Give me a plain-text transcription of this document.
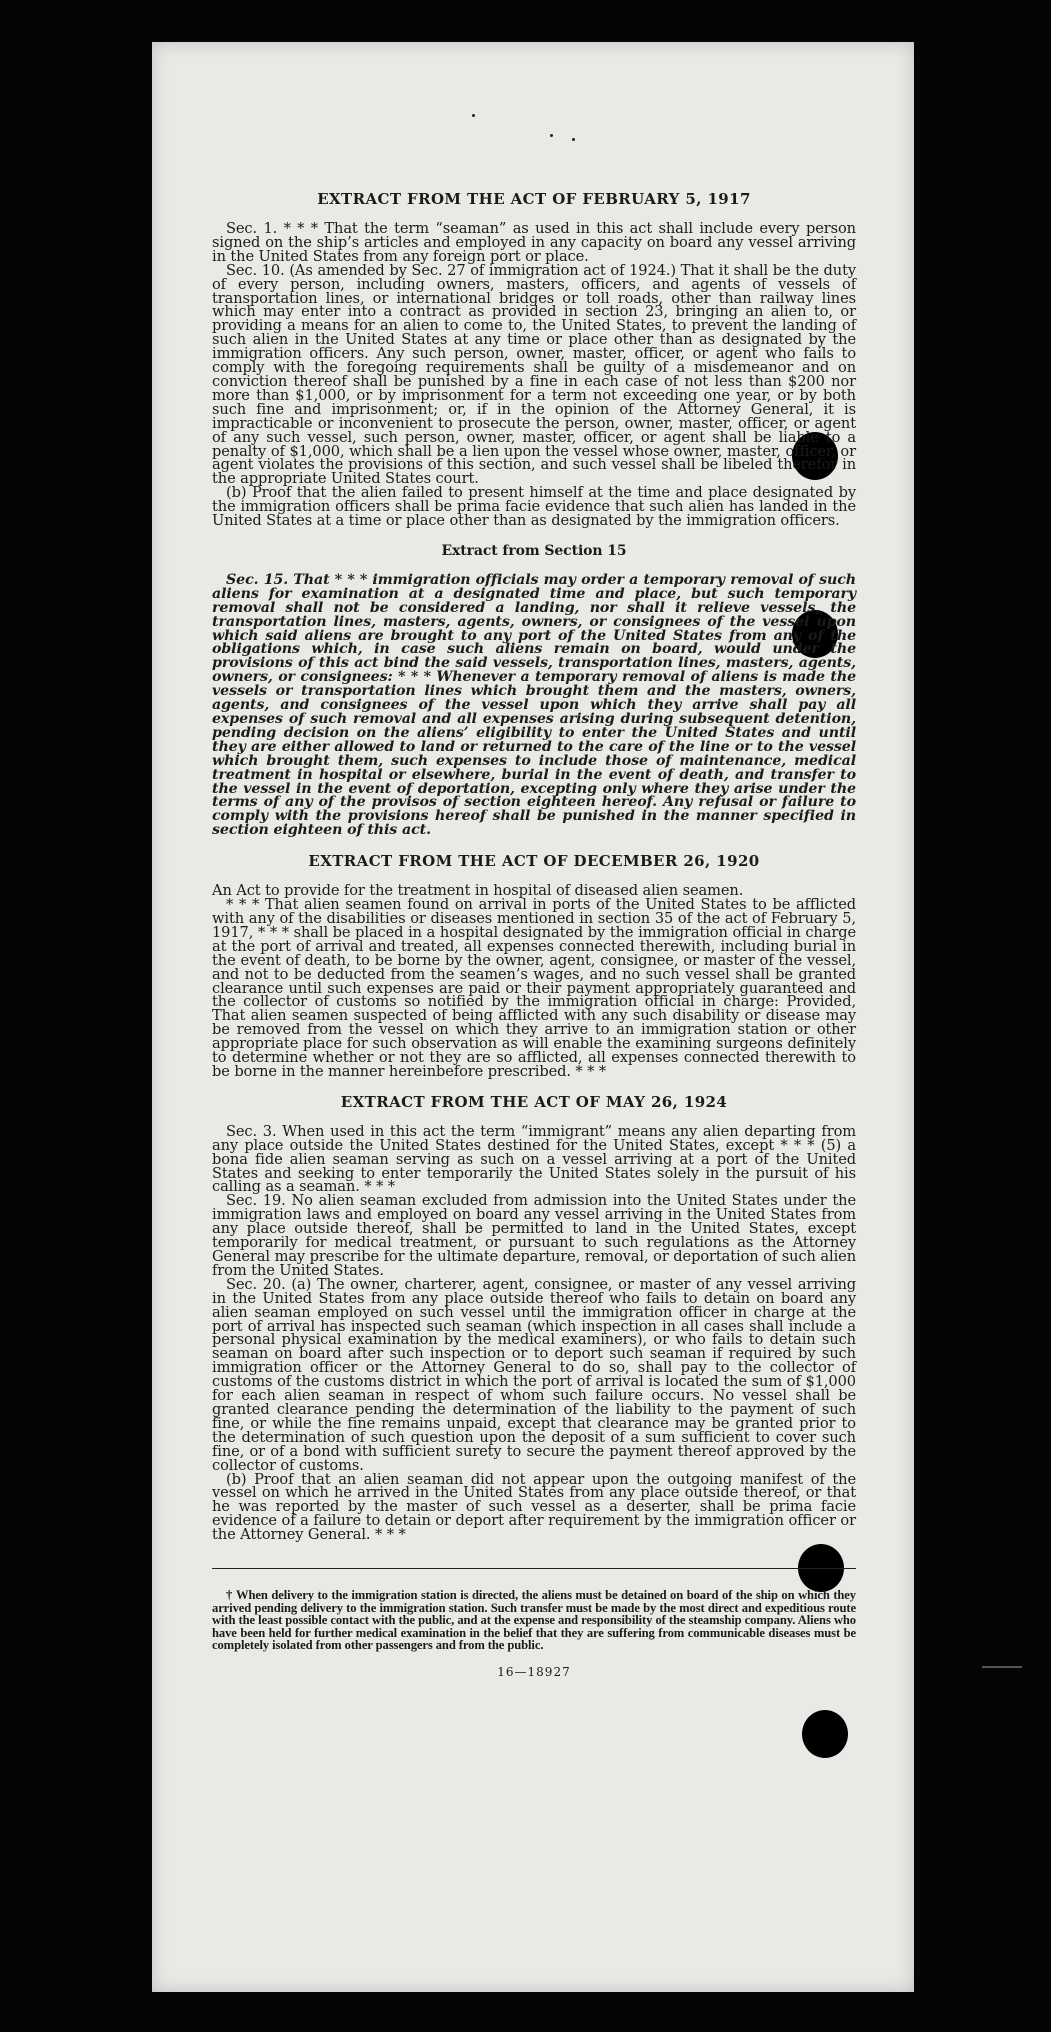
EXTRACT FROM THE ACT OF FEBRUARY 5, 1917

Sec. 1. * * * That the term “seaman” as used in this act shall include every person signed on the ship’s articles and employed in any capacity on board any vessel arriving in the United States from any foreign port or place.

Sec. 10. (As amended by Sec. 27 of immigration act of 1924.) That it shall be the duty of every person, including owners, masters, officers, and agents of vessels of transportation lines, or international bridges or toll roads, other than railway lines which may enter into a contract as provided in section 23, bringing an alien to, or providing a means for an alien to come to, the United States, to prevent the landing of such alien in the United States at any time or place other than as designated by the immigration officers. Any such person, owner, master, officer, or agent who fails to comply with the foregoing requirements shall be guilty of a misdemeanor and on conviction thereof shall be punished by a fine in each case of not less than $200 nor more than $1,000, or by imprisonment for a term not exceeding one year, or by both such fine and imprisonment; or, if in the opinion of the Attorney General, it is impracticable or inconvenient to prosecute the person, owner, master, officer, or agent of any such vessel, such person, owner, master, officer, or agent shall be liable to a penalty of $1,000, which shall be a lien upon the vessel whose owner, master, officer, or agent violates the provisions of this section, and such vessel shall be libeled therefor in the appropriate United States court.

(b) Proof that the alien failed to present himself at the time and place designated by the immigration officers shall be prima facie evidence that such alien has landed in the United States at a time or place other than as designated by the immigration officers.

Extract from Section 15

Sec. 15. That * * * immigration officials may order a temporary removal of such aliens for examination at a designated time and place, but such temporary removal shall not be considered a landing, nor shall it relieve vessels, the transportation lines, masters, agents, owners, or consignees of the vessel upon which said aliens are brought to any port of the United States from any of the obligations which, in case such aliens remain on board, would under the provisions of this act bind the said vessels, transportation lines, masters, agents, owners, or consignees: * * * Whenever a temporary removal of aliens is made the vessels or transportation lines which brought them and the masters, owners, agents, and consignees of the vessel upon which they arrive shall pay all expenses of such removal and all expenses arising during subsequent detention, pending decision on the aliens’ eligibility to enter the United States and until they are either allowed to land or returned to the care of the line or to the vessel which brought them, such expenses to include those of maintenance, medical treatment in hospital or elsewhere, burial in the event of death, and transfer to the vessel in the event of deportation, excepting only where they arise under the terms of any of the provisos of section eighteen hereof. Any refusal or failure to comply with the provisions hereof shall be punished in the manner specified in section eighteen of this act.

EXTRACT FROM THE ACT OF DECEMBER 26, 1920

An Act to provide for the treatment in hospital of diseased alien seamen.

* * * That alien seamen found on arrival in ports of the United States to be afflicted with any of the disabilities or diseases mentioned in section 35 of the act of February 5, 1917, * * * shall be placed in a hospital designated by the immigration official in charge at the port of arrival and treated, all expenses connected therewith, including burial in the event of death, to be borne by the owner, agent, consignee, or master of the vessel, and not to be deducted from the seamen’s wages, and no such vessel shall be granted clearance until such expenses are paid or their payment appropriately guaranteed and the collector of customs so notified by the immigration official in charge: Provided, That alien seamen suspected of being afflicted with any such disability or disease may be removed from the vessel on which they arrive to an immigration station or other appropriate place for such observation as will enable the examining surgeons definitely to determine whether or not they are so afflicted, all expenses connected therewith to be borne in the manner hereinbefore prescribed. * * *

EXTRACT FROM THE ACT OF MAY 26, 1924

Sec. 3. When used in this act the term “immigrant” means any alien departing from any place outside the United States destined for the United States, except * * * (5) a bona fide alien seaman serving as such on a vessel arriving at a port of the United States and seeking to enter temporarily the United States solely in the pursuit of his calling as a seaman. * * *

Sec. 19. No alien seaman excluded from admission into the United States under the immigration laws and employed on board any vessel arriving in the United States from any place outside thereof, shall be permitted to land in the United States, except temporarily for medical treatment, or pursuant to such regulations as the Attorney General may prescribe for the ultimate departure, removal, or deportation of such alien from the United States.

Sec. 20. (a) The owner, charterer, agent, consignee, or master of any vessel arriving in the United States from any place outside thereof who fails to detain on board any alien seaman employed on such vessel until the immigration officer in charge at the port of arrival has inspected such seaman (which inspection in all cases shall include a personal physical examination by the medical examiners), or who fails to detain such seaman on board after such inspection or to deport such seaman if required by such immigration officer or the Attorney General to do so, shall pay to the collector of customs of the customs district in which the port of arrival is located the sum of $1,000 for each alien seaman in respect of whom such failure occurs. No vessel shall be granted clearance pending the determination of the liability to the payment of such fine, or while the fine remains unpaid, except that clearance may be granted prior to the determination of such question upon the deposit of a sum sufficient to cover such fine, or of a bond with sufficient surety to secure the payment thereof approved by the collector of customs.

(b) Proof that an alien seaman did not appear upon the outgoing manifest of the vessel on which he arrived in the United States from any place outside thereof, or that he was reported by the master of such vessel as a deserter, shall be prima facie evidence of a failure to detain or deport after requirement by the immigration officer or the Attorney General. * * *

† When delivery to the immigration station is directed, the aliens must be detained on board of the ship on which they arrived pending delivery to the immigration station. Such transfer must be made by the most direct and expeditious route with the least possible contact with the public, and at the expense and responsibility of the steamship company. Aliens who have been held for further medical examination in the belief that they are suffering from communicable diseases must be completely isolated from other passengers and from the public.

16—18927
